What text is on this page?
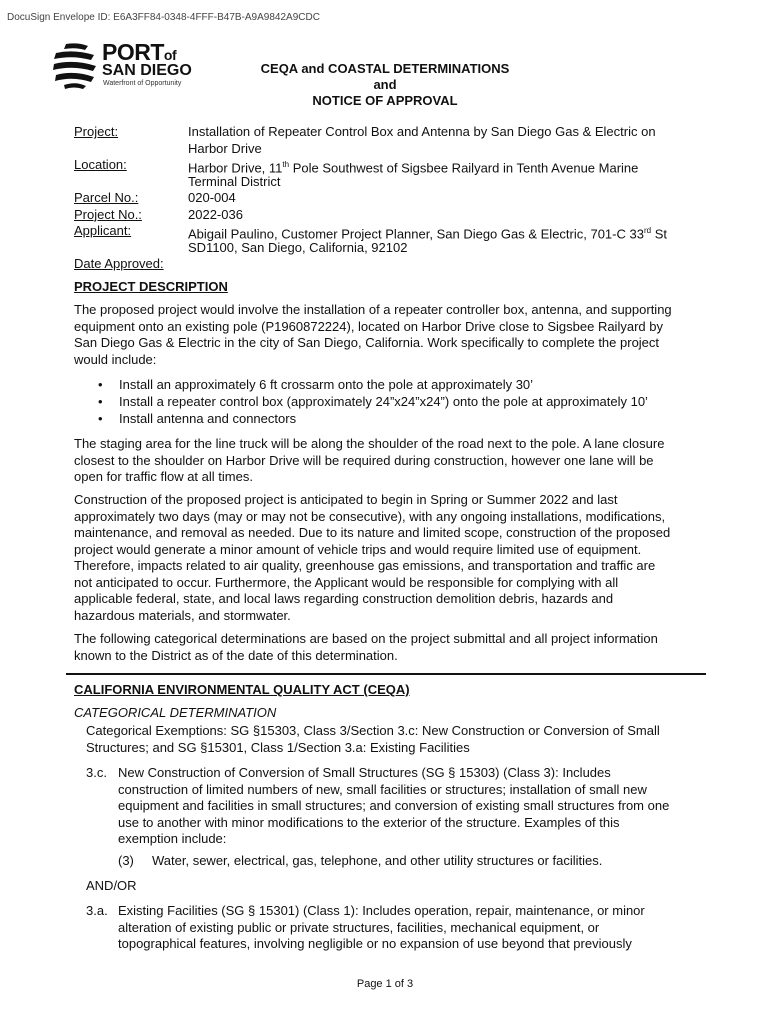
DocuSign Envelope ID: E6A3FF84-0348-4FFF-B47B-A9A9842A9CDC
PORTof
SAN DIEGO
Waterfront of Opportunity
CEQA and COASTAL DETERMINATIONS
and
NOTICE OF APPROVAL
Project:	Installation of Repeater Control Box and Antenna by San Diego Gas & Electric on
Harbor Drive
Location:	Harbor Drive, 11th Pole Southwest of Sigsbee Railyard in Tenth Avenue Marine
Terminal District
Parcel No.:	020-004
Project No.:	2022-036
Applicant:	Abigail Paulino, Customer Project Planner, San Diego Gas & Electric, 701-C 33rd St
SD1100, San Diego, California, 92102
Date Approved:
PROJECT DESCRIPTION
The proposed project would involve the installation of a repeater controller box, antenna, and supporting
equipment onto an existing pole (P1960872224), located on Harbor Drive close to Sigsbee Railyard by
San Diego Gas & Electric in the city of San Diego, California. Work specifically to complete the project
would include:
• Install an approximately 6 ft crossarm onto the pole at approximately 30’
• Install a repeater control box (approximately 24”x24”x24”) onto the pole at approximately 10’
• Install antenna and connectors
The staging area for the line truck will be along the shoulder of the road next to the pole. A lane closure
closest to the shoulder on Harbor Drive will be required during construction, however one lane will be
open for traffic flow at all times.
Construction of the proposed project is anticipated to begin in Spring or Summer 2022 and last
approximately two days (may or may not be consecutive), with any ongoing installations, modifications,
maintenance, and removal as needed. Due to its nature and limited scope, construction of the proposed
project would generate a minor amount of vehicle trips and would require limited use of equipment.
Therefore, impacts related to air quality, greenhouse gas emissions, and transportation and traffic are
not anticipated to occur. Furthermore, the Applicant would be responsible for complying with all
applicable federal, state, and local laws regarding construction demolition debris, hazards and
hazardous materials, and stormwater.
The following categorical determinations are based on the project submittal and all project information
known to the District as of the date of this determination.
CALIFORNIA ENVIRONMENTAL QUALITY ACT (CEQA)
CATEGORICAL DETERMINATION
Categorical Exemptions: SG §15303, Class 3/Section 3.c: New Construction or Conversion of Small
Structures; and SG §15301, Class 1/Section 3.a: Existing Facilities
3.c. New Construction of Conversion of Small Structures (SG § 15303) (Class 3): Includes
construction of limited numbers of new, small facilities or structures; installation of small new
equipment and facilities in small structures; and conversion of existing small structures from one
use to another with minor modifications to the exterior of the structure. Examples of this
exemption include:
(3)	Water, sewer, electrical, gas, telephone, and other utility structures or facilities.
AND/OR
3.a. Existing Facilities (SG § 15301) (Class 1): Includes operation, repair, maintenance, or minor
alteration of existing public or private structures, facilities, mechanical equipment, or
topographical features, involving negligible or no expansion of use beyond that previously
Page 1 of 3
